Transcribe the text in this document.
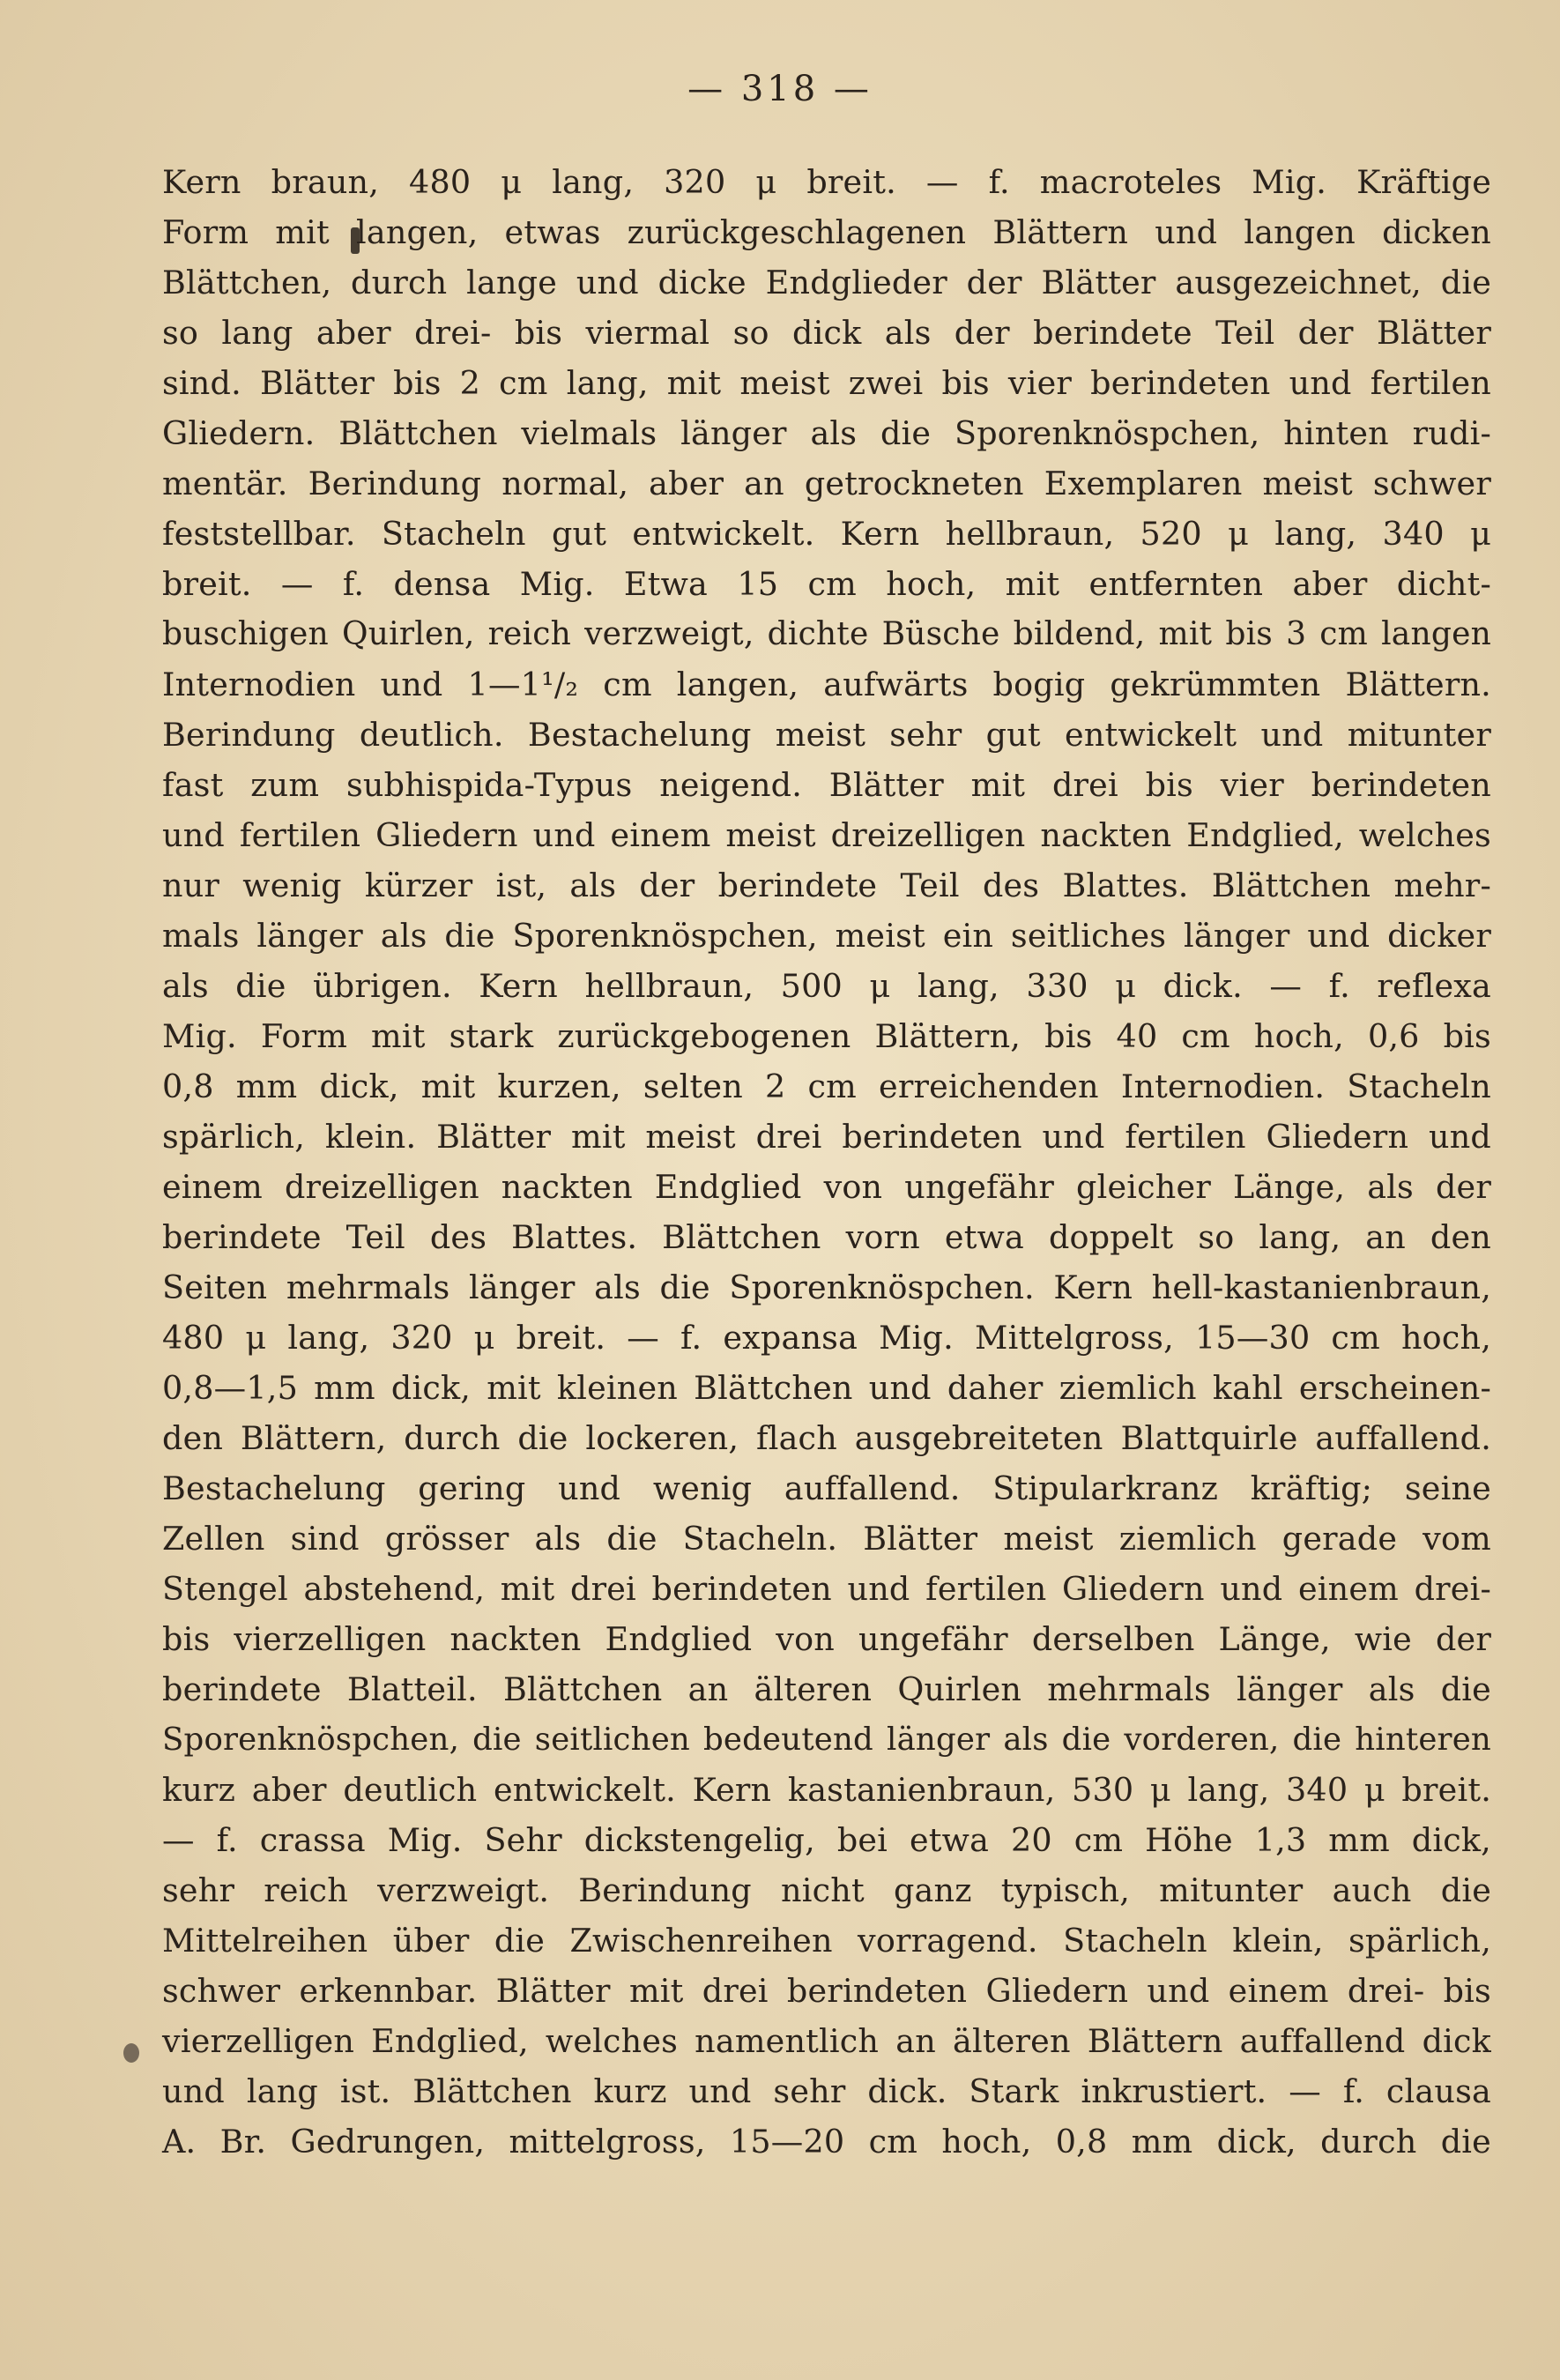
— 318 —
Kern braun, 480 μ lang, 320 μ breit. — f. macroteles Mig. Kräftige
Form mit langen, etwas zurückgeschlagenen Blättern und langen dicken
Blättchen, durch lange und dicke Endglieder der Blätter ausgezeichnet, die
so lang aber drei- bis viermal so dick als der berindete Teil der Blätter
sind. Blätter bis 2 cm lang, mit meist zwei bis vier berindeten und fertilen
Gliedern. Blättchen vielmals länger als die Sporenknöspchen, hinten rudi-
mentär. Berindung normal, aber an getrockneten Exemplaren meist schwer
feststellbar. Stacheln gut entwickelt. Kern hellbraun, 520 μ lang, 340 μ
breit. — f. densa Mig. Etwa 15 cm hoch, mit entfernten aber dicht-
buschigen Quirlen, reich verzweigt, dichte Büsche bildend, mit bis 3 cm langen
Internodien und 1—1¹/₂ cm langen, aufwärts bogig gekrümmten Blättern.
Berindung deutlich. Bestachelung meist sehr gut entwickelt und mitunter
fast zum subhispida-Typus neigend. Blätter mit drei bis vier berindeten
und fertilen Gliedern und einem meist dreizelligen nackten Endglied, welches
nur wenig kürzer ist, als der berindete Teil des Blattes. Blättchen mehr-
mals länger als die Sporenknöspchen, meist ein seitliches länger und dicker
als die übrigen. Kern hellbraun, 500 μ lang, 330 μ dick. — f. reflexa
Mig. Form mit stark zurückgebogenen Blättern, bis 40 cm hoch, 0,6 bis
0,8 mm dick, mit kurzen, selten 2 cm erreichenden Internodien. Stacheln
spärlich, klein. Blätter mit meist drei berindeten und fertilen Gliedern und
einem dreizelligen nackten Endglied von ungefähr gleicher Länge, als der
berindete Teil des Blattes. Blättchen vorn etwa doppelt so lang, an den
Seiten mehrmals länger als die Sporenknöspchen. Kern hell-kastanienbraun,
480 μ lang, 320 μ breit. — f. expansa Mig. Mittelgross, 15—30 cm hoch,
0,8—1,5 mm dick, mit kleinen Blättchen und daher ziemlich kahl erscheinen-
den Blättern, durch die lockeren, flach ausgebreiteten Blattquirle auffallend.
Bestachelung gering und wenig auffallend. Stipularkranz kräftig; seine
Zellen sind grösser als die Stacheln. Blätter meist ziemlich gerade vom
Stengel abstehend, mit drei berindeten und fertilen Gliedern und einem drei-
bis vierzelligen nackten Endglied von ungefähr derselben Länge, wie der
berindete Blatteil. Blättchen an älteren Quirlen mehrmals länger als die
Sporenknöspchen, die seitlichen bedeutend länger als die vorderen, die hinteren
kurz aber deutlich entwickelt. Kern kastanienbraun, 530 μ lang, 340 μ breit.
— f. crassa Mig. Sehr dickstengelig, bei etwa 20 cm Höhe 1,3 mm dick,
sehr reich verzweigt. Berindung nicht ganz typisch, mitunter auch die
Mittelreihen über die Zwischenreihen vorragend. Stacheln klein, spärlich,
schwer erkennbar. Blätter mit drei berindeten Gliedern und einem drei- bis
vierzelligen Endglied, welches namentlich an älteren Blättern auffallend dick
und lang ist. Blättchen kurz und sehr dick. Stark inkrustiert. — f. clausa
A. Br. Gedrungen, mittelgross, 15—20 cm hoch, 0,8 mm dick, durch die
